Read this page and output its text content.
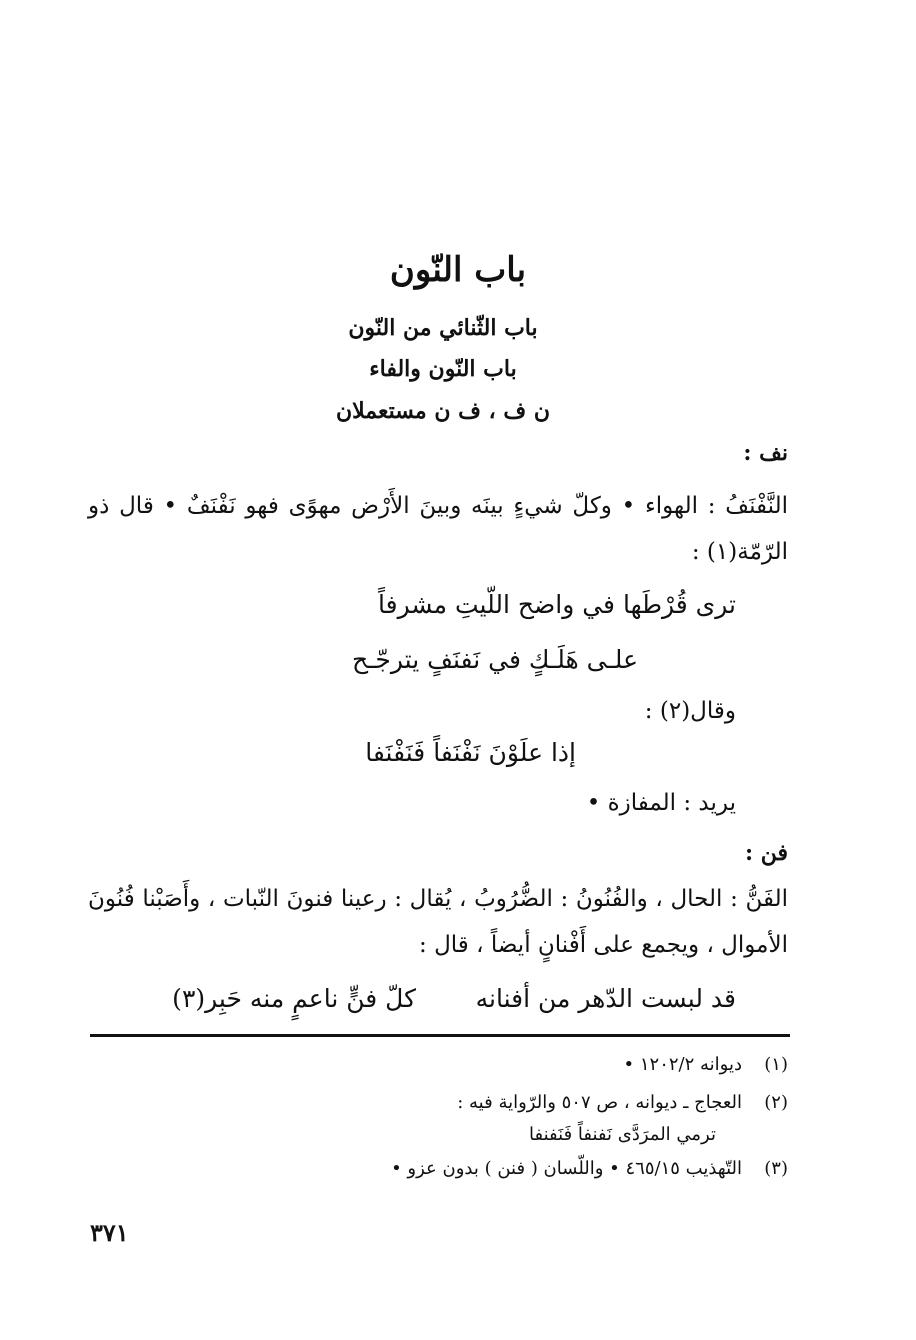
باب النّون
باب الثّنائي من النّون
باب النّون والفاء
ن ف ، ف ن مستعملان
نف :
النَّفْنَفُ : الهواء • وكلّ شيءٍ بينَه وبينَ الأَرْض مهوًى فهو نَفْنَفٌ • قال ذو الرّمّة(١) :
ترى قُرْطَها في واضح اللّيتِ مشرفاً
علـى هَلَـكٍ في نَفنَفٍ يترجّـح
وقال(٢) :
إذا علَوْنَ نَفْنَفاً فَنَفْنَفا
يريد : المفازة •
فن :
الفَنُّ : الحال ، والفُنُونُ : الضُّرُوبُ ، يُقال : رعينا فنونَ النّبات ، وأَصَبْنا فُنُونَ الأموال ، ويجمع على أَفْنانٍ أيضاً ، قال :
قد لبست الدّهر من أفنانه
كلّ فنٍّ ناعمٍ منه حَبِر(٣)
(١)ديوانه ١٢٠٢/٢ •
(٢)العجاج ـ ديوانه ، ص ٥٠٧ والرّواية فيه :
ترمي المرَدَّى نَفنفاً فَنَفنفا
(٣)التّهذيب ٤٦٥/١٥ • واللّسان ( فنن ) بدون عزو •
٣٧١
